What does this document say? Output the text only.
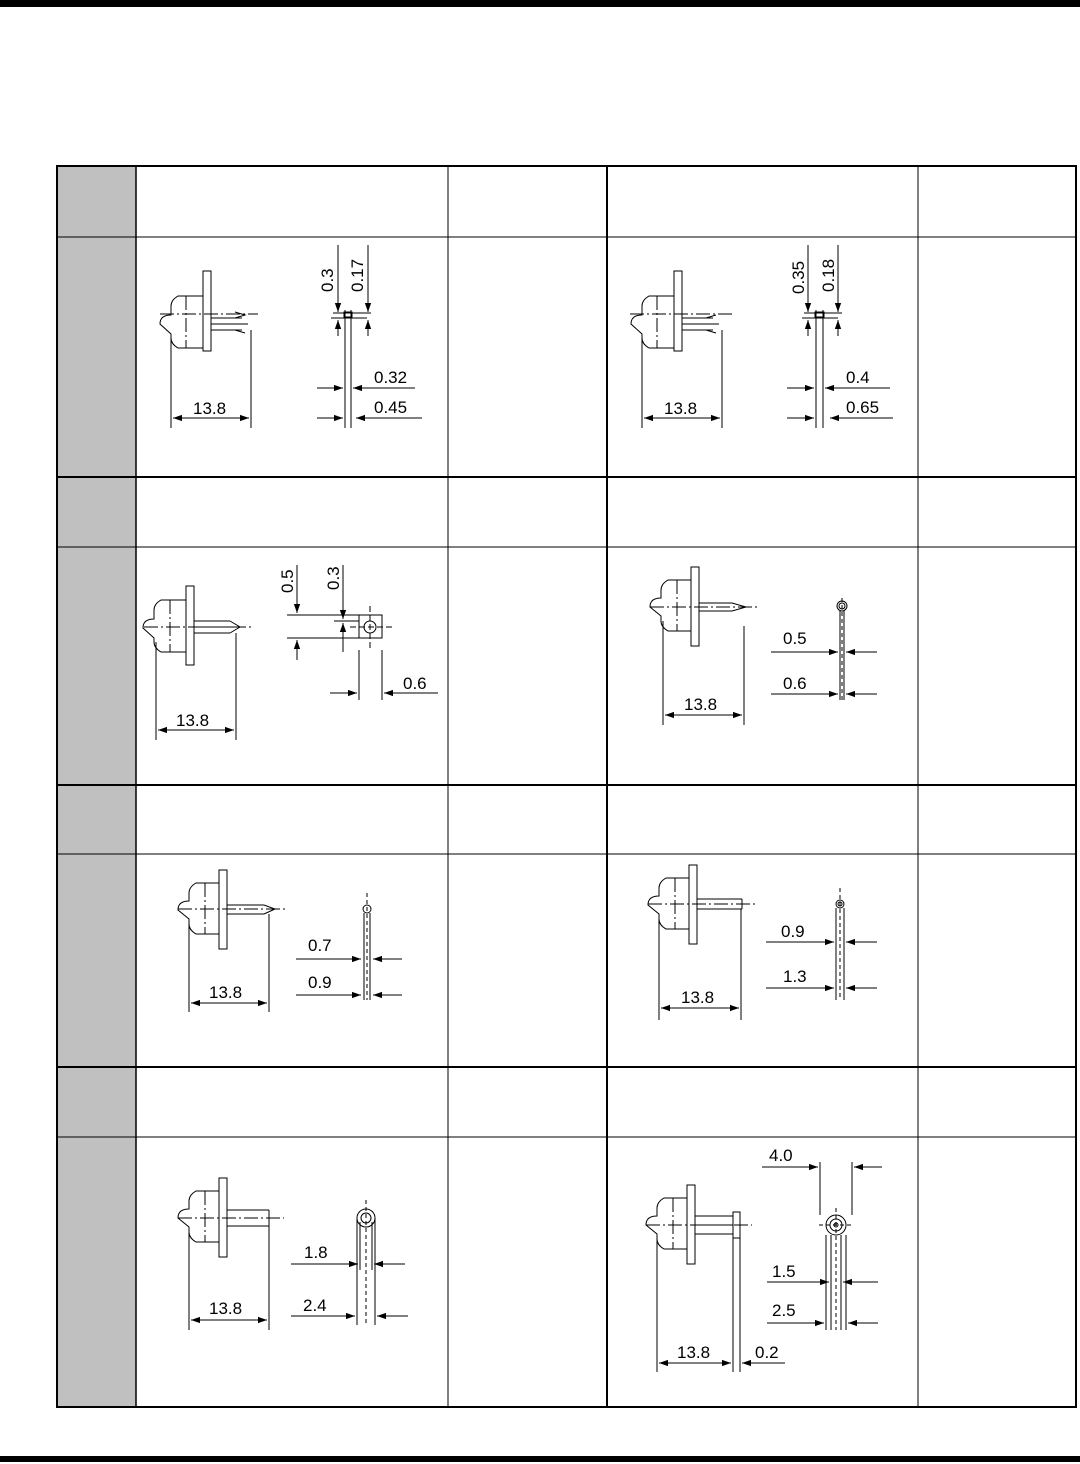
13.8
0.3 0.17
0.32
0.45	13.8
0.35 0.18
0.4
0.65
13.8
0.5 0.3
0.6
13.8
0.5
0.6
13.8
0.7
0.9
13.8
0.9
1.3
13.8
1.8
2.4
13.8	0.2
4.0
1.5
2.5
